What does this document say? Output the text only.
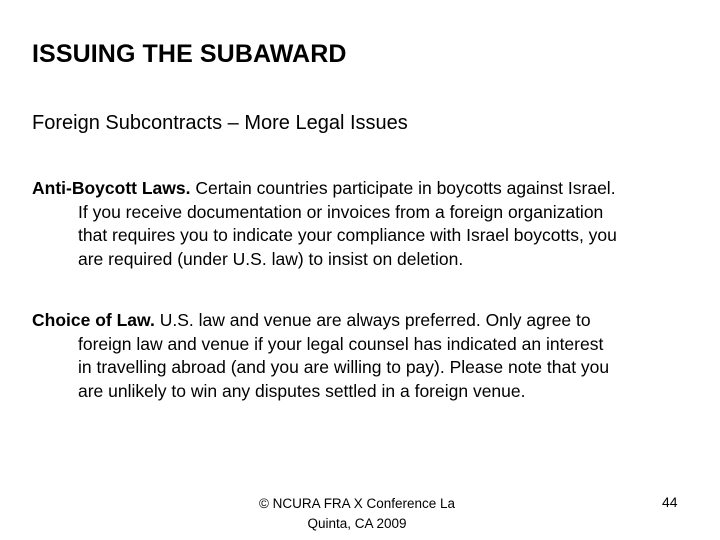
ISSUING THE SUBAWARD
Foreign Subcontracts – More Legal Issues
Anti-Boycott Laws. Certain countries participate in boycotts against Israel.
If you receive documentation or invoices from a foreign organization
that requires you to indicate your compliance with Israel boycotts, you
are required (under U.S. law) to insist on deletion.
Choice of Law. U.S. law and venue are always preferred. Only agree to
foreign law and venue if your legal counsel has indicated an interest
in travelling abroad (and you are willing to pay). Please note that you
are unlikely to win any disputes settled in a foreign venue.
© NCURA FRA X Conference La
Quinta, CA 2009
44
